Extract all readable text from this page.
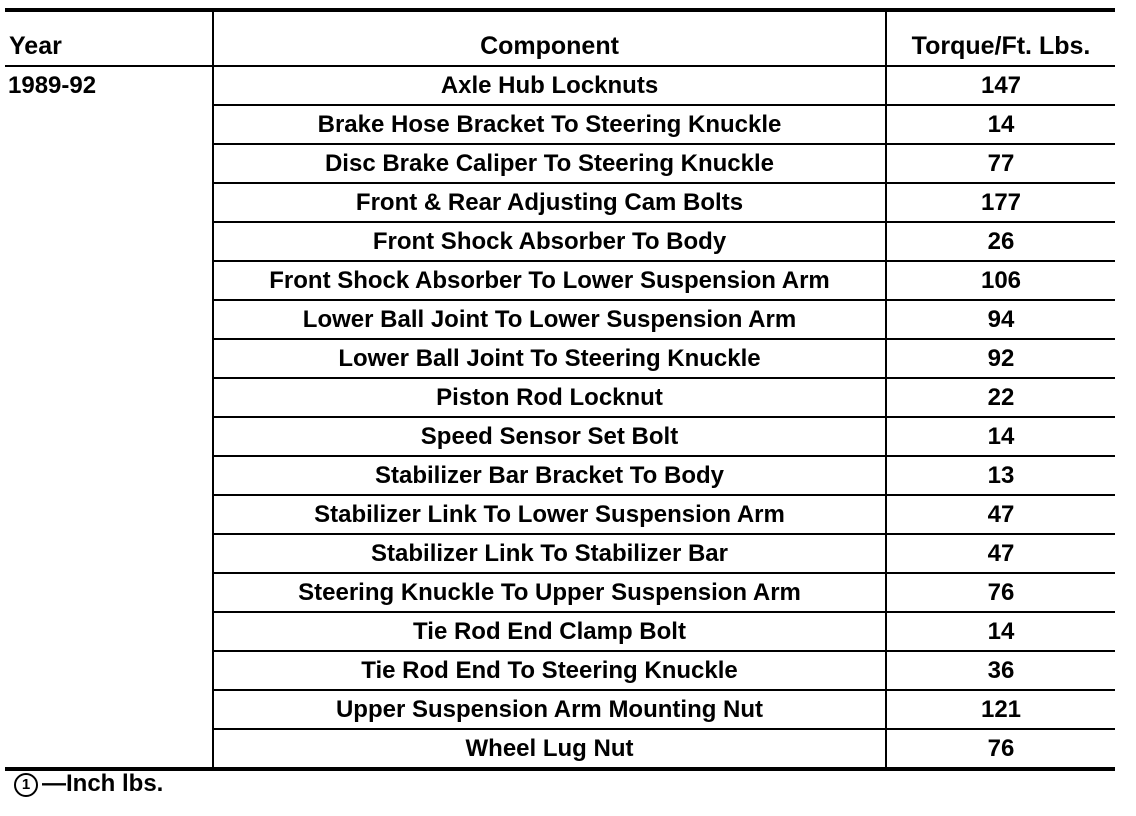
Year	Component	Torque/Ft. Lbs.
1989-92	Axle Hub Locknuts	147
	Brake Hose Bracket To Steering Knuckle	14
	Disc Brake Caliper To Steering Knuckle	77
	Front & Rear Adjusting Cam Bolts	177
	Front Shock Absorber To Body	26
	Front Shock Absorber To Lower Suspension Arm	106
	Lower Ball Joint To Lower Suspension Arm	94
	Lower Ball Joint To Steering Knuckle	92
	Piston Rod Locknut	22
	Speed Sensor Set Bolt	14
	Stabilizer Bar Bracket To Body	13
	Stabilizer Link To Lower Suspension Arm	47
	Stabilizer Link To Stabilizer Bar	47
	Steering Knuckle To Upper Suspension Arm	76
	Tie Rod End Clamp Bolt	14
	Tie Rod End To Steering Knuckle	36
	Upper Suspension Arm Mounting Nut	121
	Wheel Lug Nut	76
1 —Inch lbs.
